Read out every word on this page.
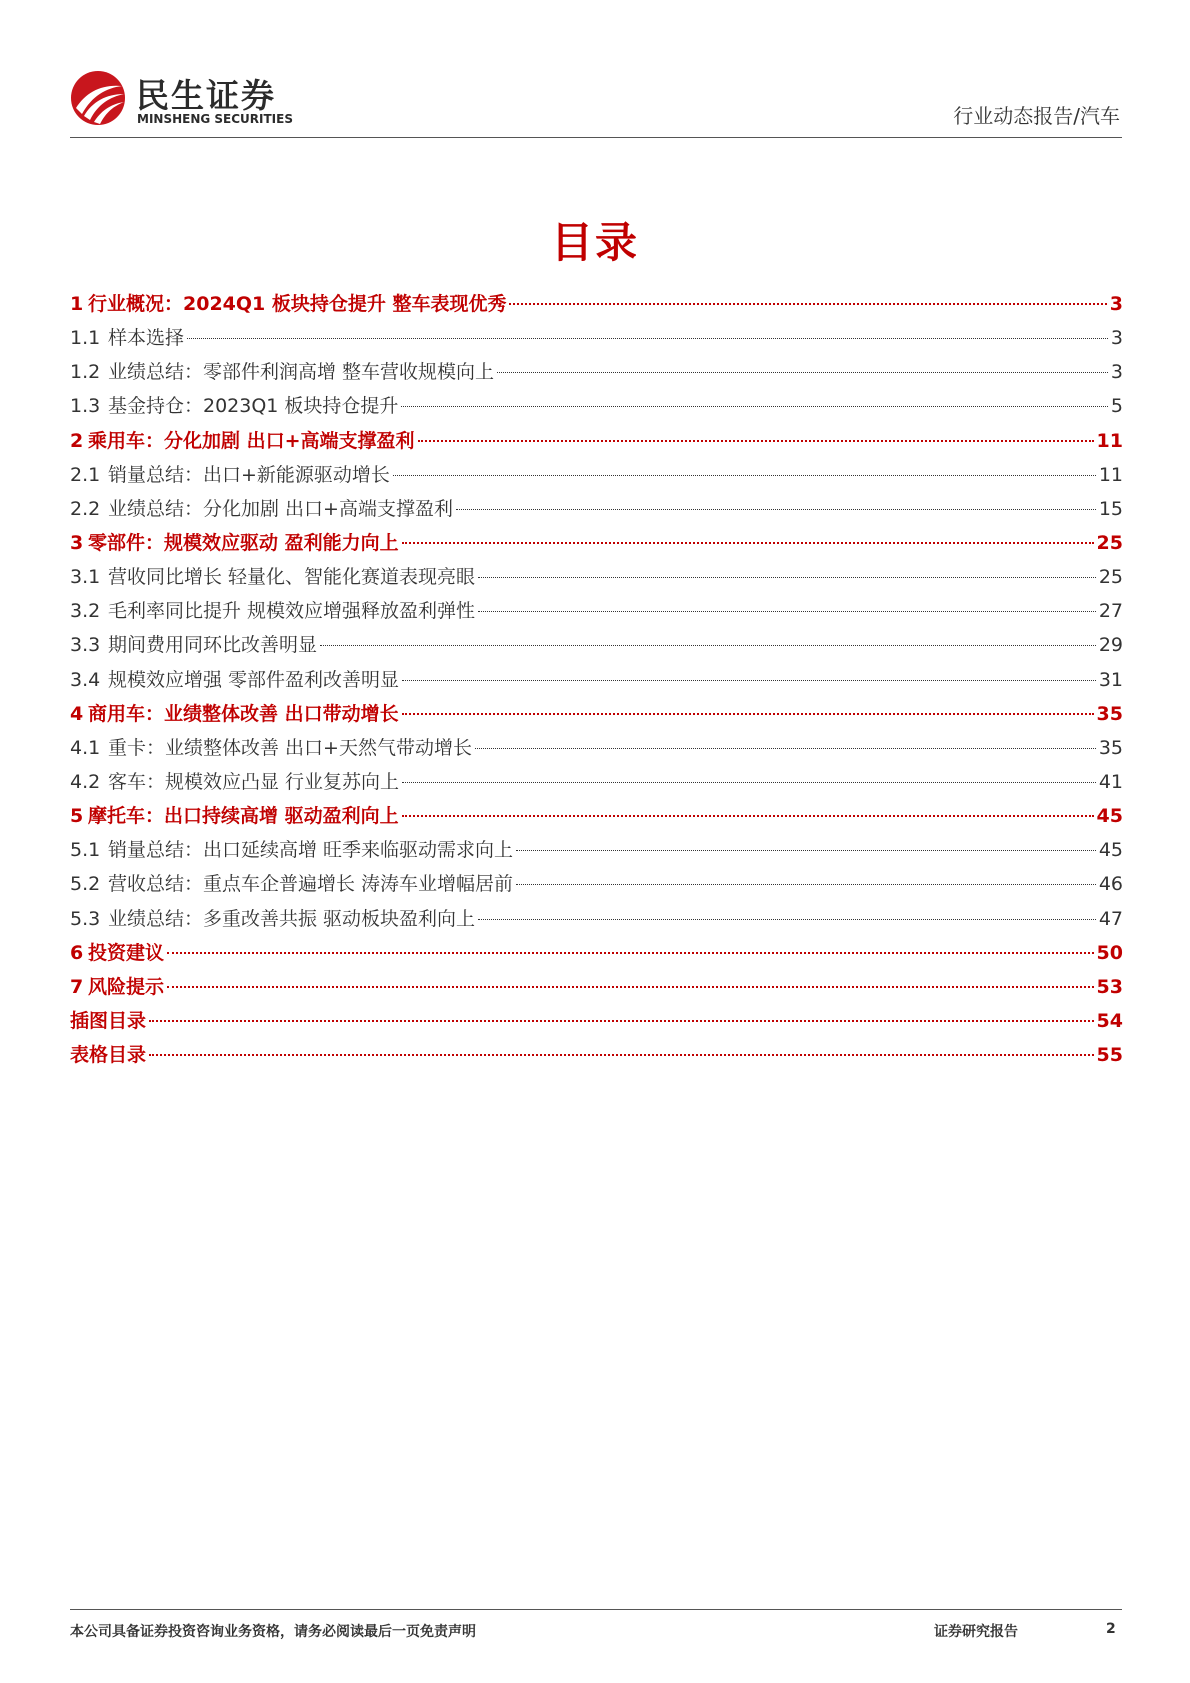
民生证券
MINSHENG SECURITIES	行业动态报告/汽车
目录
1 行业概况：2024Q1 板块持仓提升 整车表现优秀	3
1.1 样本选择	3
1.2 业绩总结：零部件利润高增 整车营收规模向上	3
1.3 基金持仓：2023Q1 板块持仓提升	5
2 乘用车：分化加剧 出口+高端支撑盈利	11
2.1 销量总结：出口+新能源驱动增长	11
2.2 业绩总结：分化加剧 出口+高端支撑盈利	15
3 零部件：规模效应驱动 盈利能力向上	25
3.1 营收同比增长 轻量化、智能化赛道表现亮眼	25
3.2 毛利率同比提升 规模效应增强释放盈利弹性	27
3.3 期间费用同环比改善明显	29
3.4 规模效应增强 零部件盈利改善明显	31
4 商用车：业绩整体改善 出口带动增长	35
4.1 重卡：业绩整体改善 出口+天然气带动增长	35
4.2 客车：规模效应凸显 行业复苏向上	41
5 摩托车：出口持续高增 驱动盈利向上	45
5.1 销量总结：出口延续高增 旺季来临驱动需求向上	45
5.2 营收总结：重点车企普遍增长 涛涛车业增幅居前	46
5.3 业绩总结：多重改善共振 驱动板块盈利向上	47
6 投资建议	50
7 风险提示	53
插图目录	54
表格目录	55
本公司具备证券投资咨询业务资格，请务必阅读最后一页免责声明	证券研究报告	2
